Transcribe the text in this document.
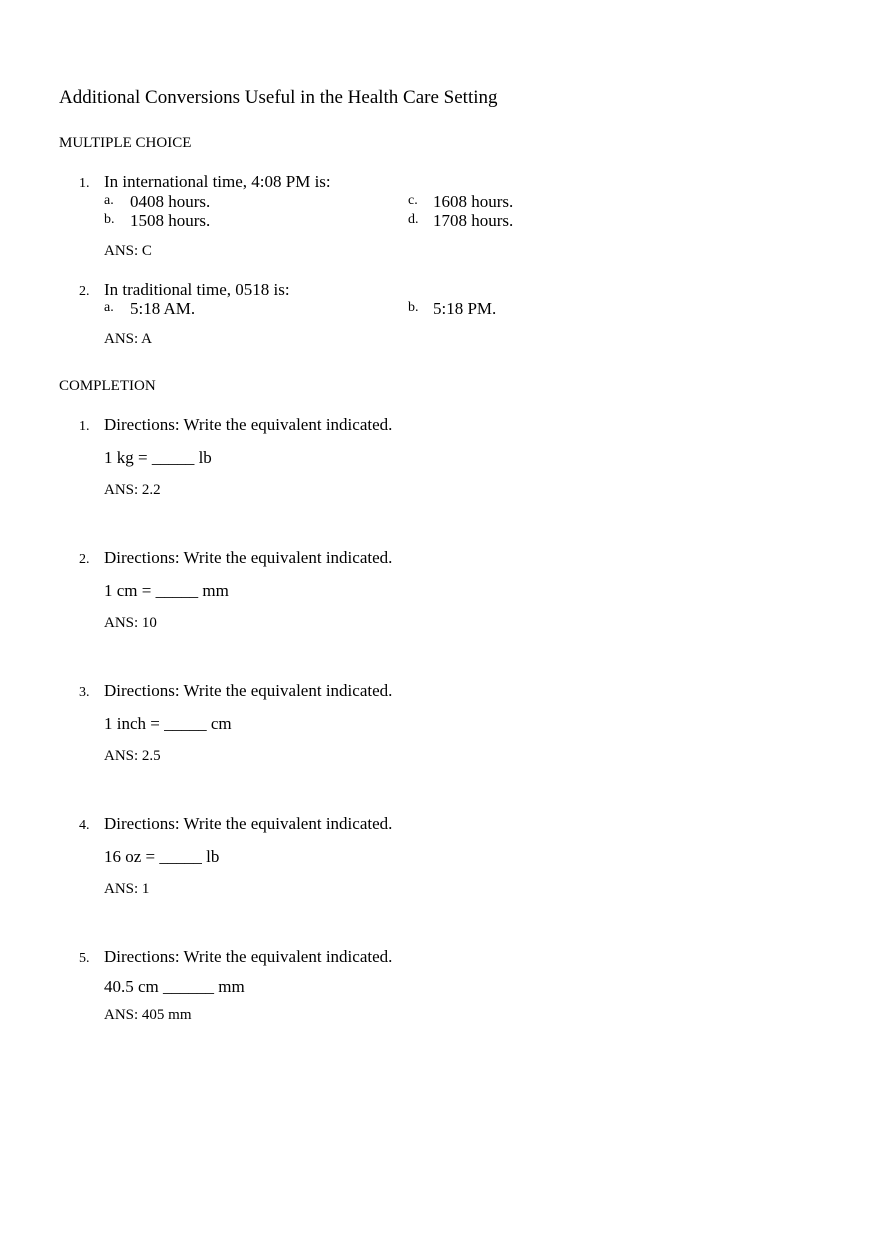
Additional Conversions Useful in the Health Care Setting
MULTIPLE CHOICE
1. In international time, 4:08 PM is:
a. 0408 hours.
b. 1508 hours.
c. 1608 hours.
d. 1708 hours.
ANS: C
2. In traditional time, 0518 is:
a. 5:18 AM.	b. 5:18 PM.
ANS: A
COMPLETION
1. Directions: Write the equivalent indicated.
1 kg = _____ lb
ANS: 2.2
2. Directions: Write the equivalent indicated.
1 cm = _____ mm
ANS: 10
3. Directions: Write the equivalent indicated.
1 inch = _____ cm
ANS: 2.5
4. Directions: Write the equivalent indicated.
16 oz = _____ lb
ANS: 1
5. Directions: Write the equivalent indicated.
40.5 cm ______ mm
ANS: 405 mm
